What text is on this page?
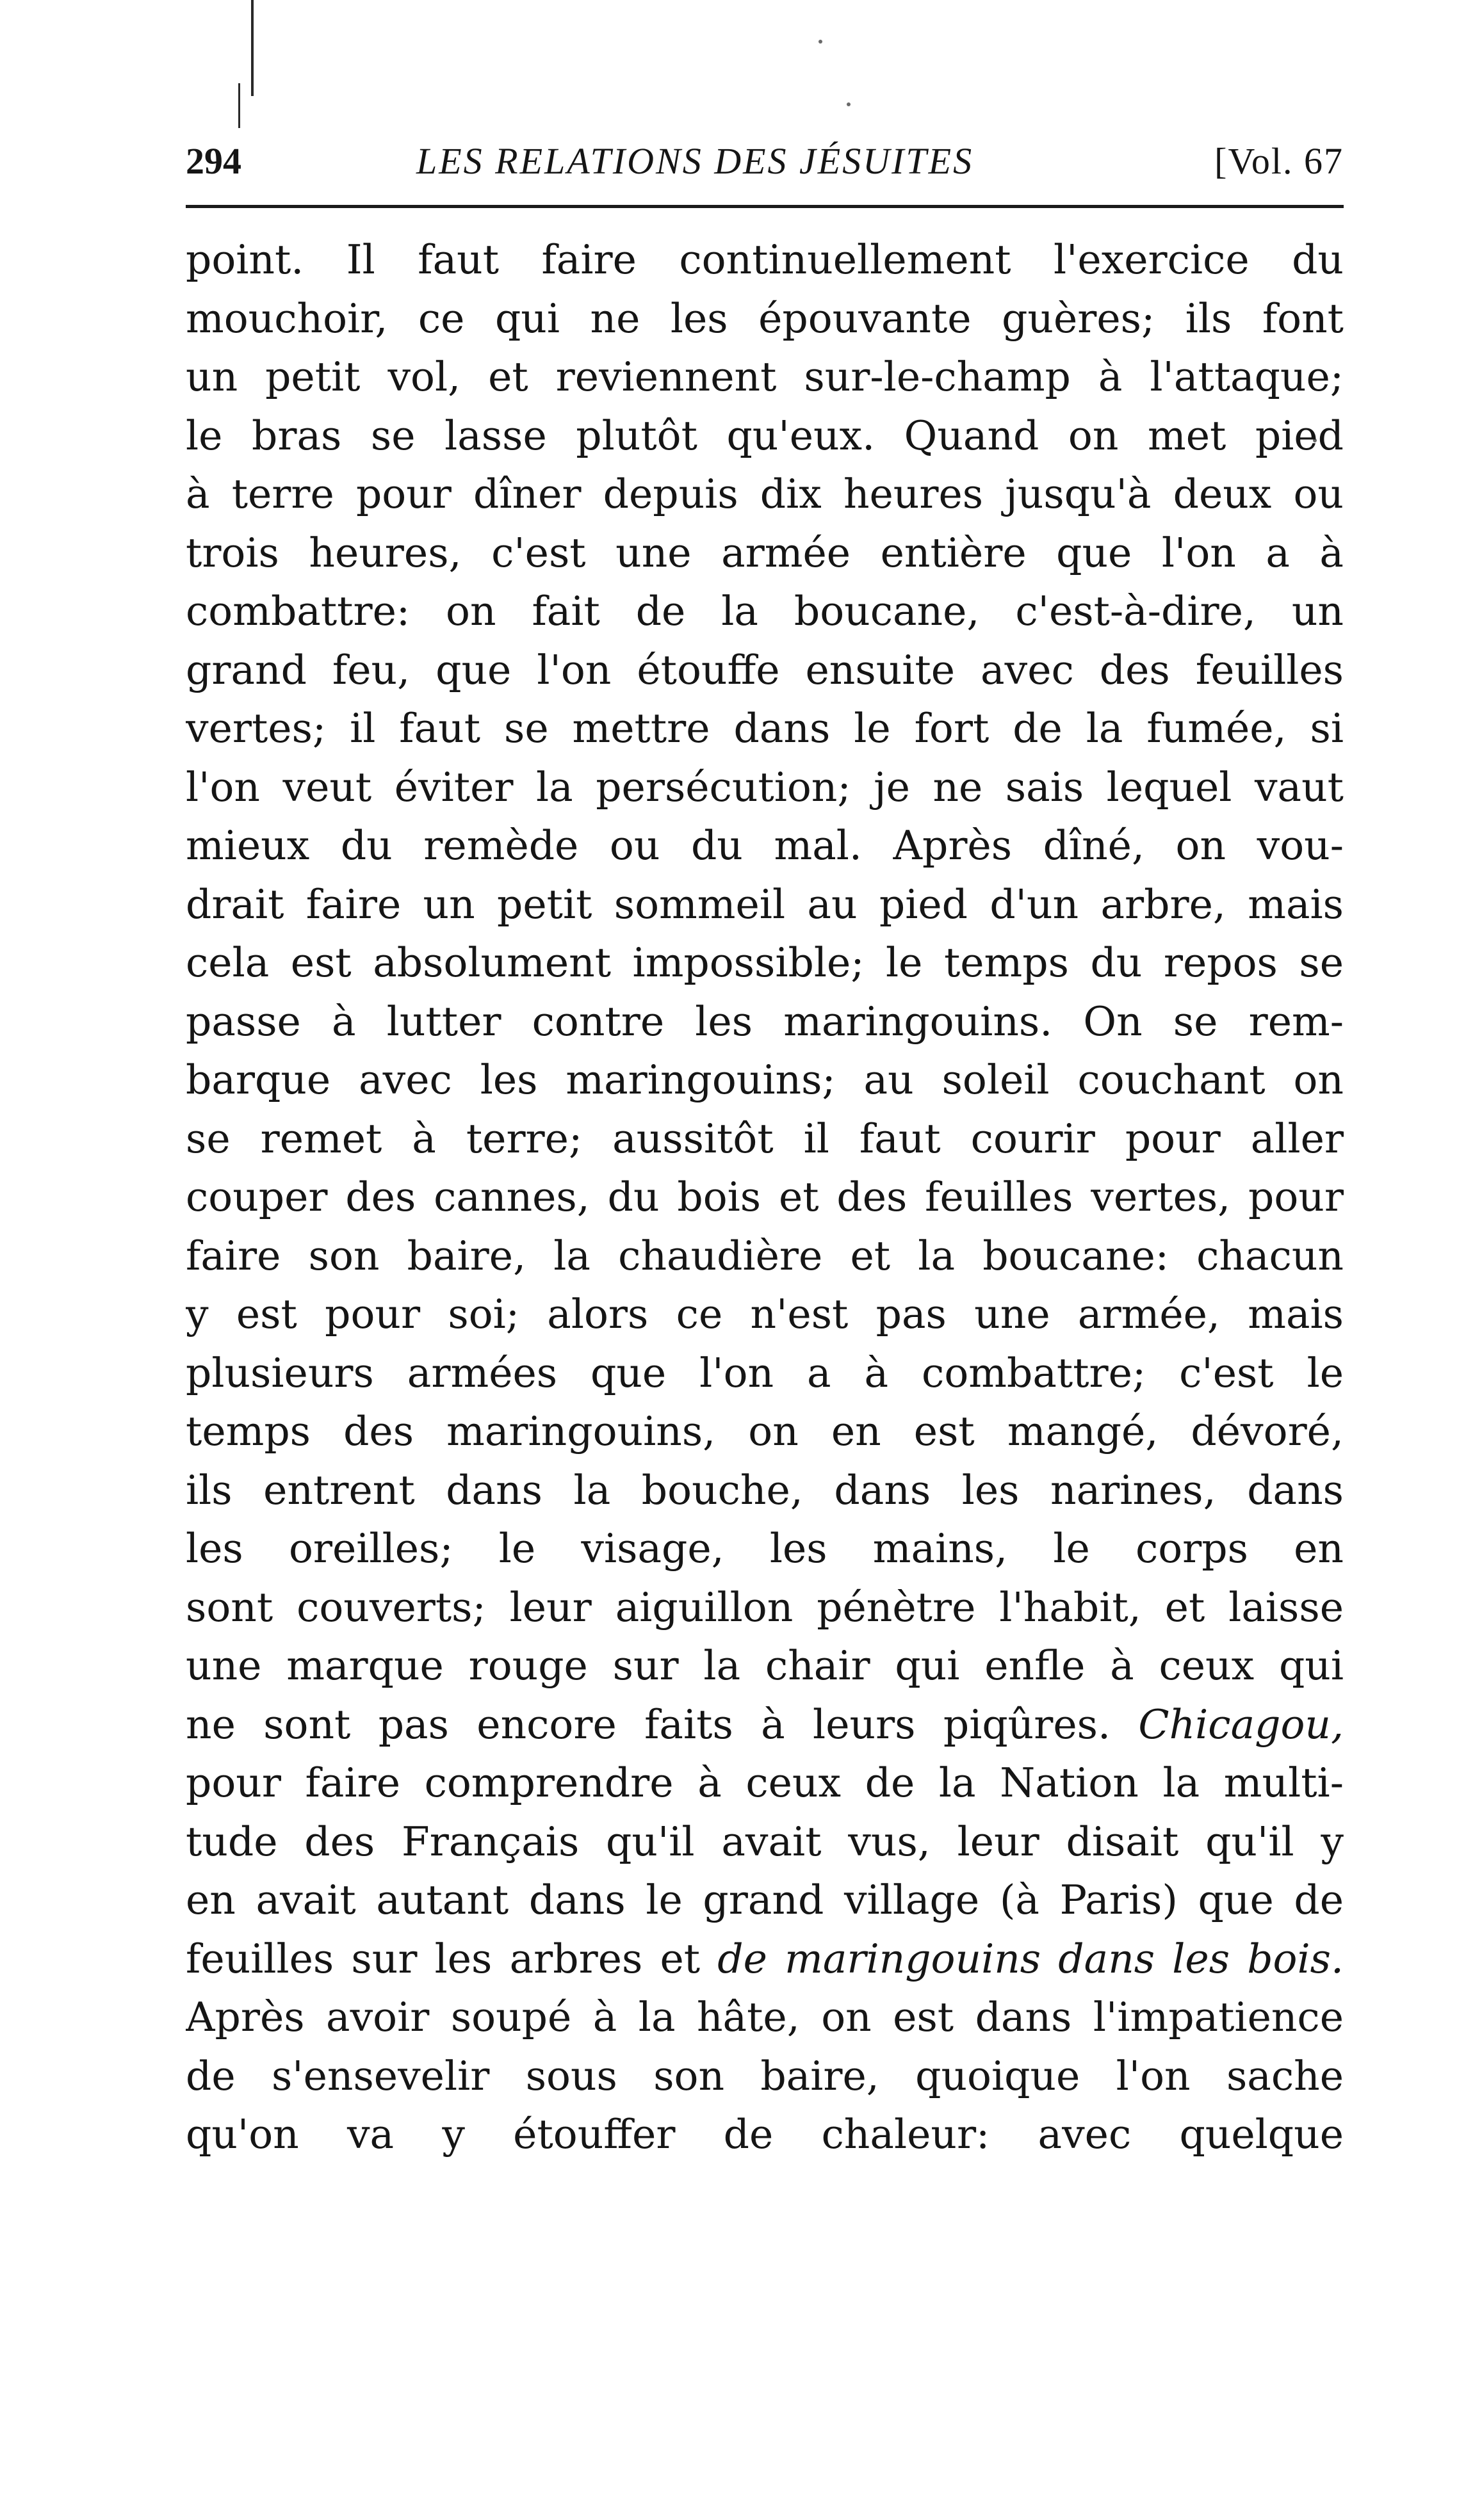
294	LES RELATIONS DES JÉSUITES	[Vol. 67
point. Il faut faire continuellement l'exercice du
mouchoir, ce qui ne les épouvante guères; ils font
un petit vol, et reviennent sur-le-champ à l'attaque;
le bras se lasse plutôt qu'eux. Quand on met pied
à terre pour dîner depuis dix heures jusqu'à deux ou
trois heures, c'est une armée entière que l'on a à
combattre: on fait de la boucane, c'est-à-dire, un
grand feu, que l'on étouffe ensuite avec des feuilles
vertes; il faut se mettre dans le fort de la fumée, si
l'on veut éviter la persécution; je ne sais lequel vaut
mieux du remède ou du mal. Après dîné, on vou-
drait faire un petit sommeil au pied d'un arbre, mais
cela est absolument impossible; le temps du repos se
passe à lutter contre les maringouins. On se rem-
barque avec les maringouins; au soleil couchant on
se remet à terre; aussitôt il faut courir pour aller
couper des cannes, du bois et des feuilles vertes, pour
faire son baire, la chaudière et la boucane: chacun
y est pour soi; alors ce n'est pas une armée, mais
plusieurs armées que l'on a à combattre; c'est le
temps des maringouins, on en est mangé, dévoré,
ils entrent dans la bouche, dans les narines, dans
les oreilles; le visage, les mains, le corps en
sont couverts; leur aiguillon pénètre l'habit, et laisse
une marque rouge sur la chair qui enfle à ceux qui
ne sont pas encore faits à leurs piqûres. Chicagou,
pour faire comprendre à ceux de la Nation la multi-
tude des Français qu'il avait vus, leur disait qu'il y
en avait autant dans le grand village (à Paris) que de
feuilles sur les arbres et de maringouins dans les bois.
Après avoir soupé à la hâte, on est dans l'impatience
de s'ensevelir sous son baire, quoique l'on sache
qu'on va y étouffer de chaleur: avec quelque
